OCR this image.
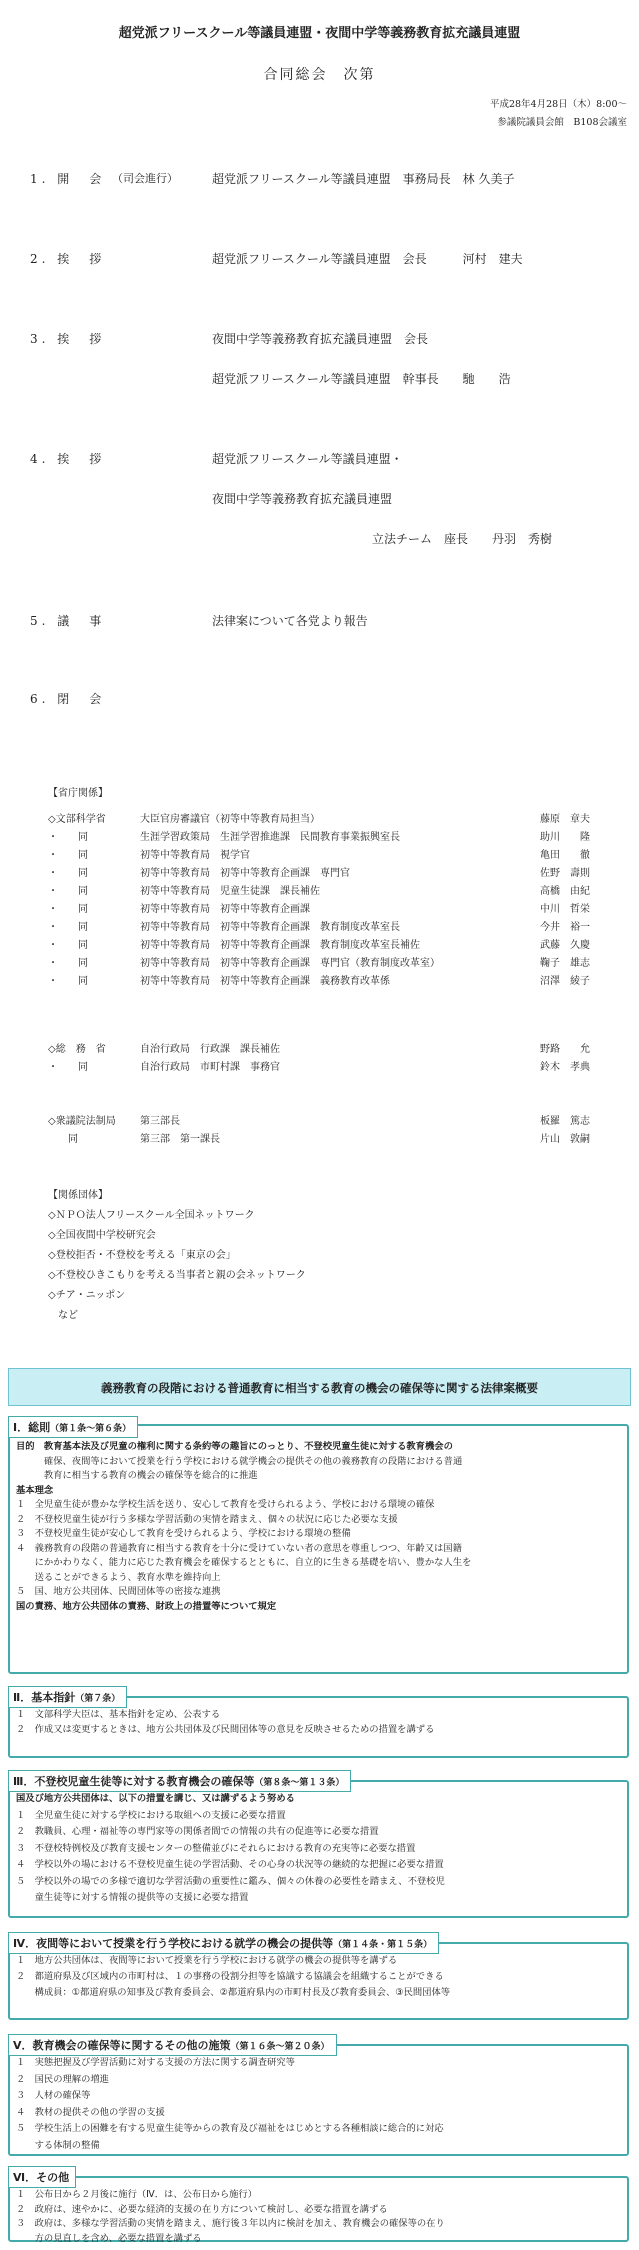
超党派フリースクール等議員連盟・夜間中学等義務教育拡充議員連盟
合同総会　次第
平成28年4月28日（木）8:00～
参議院議員会館　B108会議室
1. 開　会 （司会進行）	超党派フリースクール等議員連盟　事務局長　林 久美子
2. 挨　拶	超党派フリースクール等議員連盟　会長　　　河村　建夫
3. 挨　拶	夜間中学等義務教育拡充議員連盟　会長
超党派フリースクール等議員連盟　幹事長　　馳　　浩
4. 挨　拶	超党派フリースクール等議員連盟・
夜間中学等義務教育拡充議員連盟
立法チーム　座長　　丹羽　秀樹
5. 議　事	法律案について各党より報告
6. 閉　会
【省庁関係】
◇文部科学省	大臣官房審議官（初等中等教育局担当）	藤原　章夫
・　　同	生涯学習政策局　生涯学習推進課　民間教育事業振興室長	助川　　隆
・　　同	初等中等教育局　視学官	亀田　　徹
・　　同	初等中等教育局　初等中等教育企画課　専門官	佐野　壽則
・　　同	初等中等教育局　児童生徒課　課長補佐	高橋　由紀
・　　同	初等中等教育局　初等中等教育企画課	中川　哲栄
・　　同	初等中等教育局　初等中等教育企画課　教育制度改革室長	今井　裕一
・　　同	初等中等教育局　初等中等教育企画課　教育制度改革室長補佐	武藤　久慶
・　　同	初等中等教育局　初等中等教育企画課　専門官（教育制度改革室）	鞠子　雄志
・　　同	初等中等教育局　初等中等教育企画課　義務教育改革係	沼澤　綾子
◇総　務　省	自治行政局　行政課　課長補佐	野路　　允
・　　同	自治行政局　市町村課　事務官	鈴木　孝典
◇衆議院法制局 第三部長	板羅　篤志
　　同	第三部　第一課長	片山　敦嗣
【関係団体】
◇ＮＰＯ法人フリースクール全国ネットワーク
◇全国夜間中学校研究会
◇登校拒否・不登校を考える「東京の会」
◇不登校ひきこもりを考える当事者と親の会ネットワーク
◇チア・ニッポン
　など
義務教育の段階における普通教育に相当する教育の機会の確保等に関する法律案概要
Ⅰ．総則（第１条～第６条）
目的　教育基本法及び児童の権利に関する条約等の趣旨にのっとり、不登校児童生徒に対する教育機会の
　　　確保、夜間等において授業を行う学校における就学機会の提供その他の義務教育の段階における普通
　　　教育に相当する教育の機会の確保等を総合的に推進
基本理念
１　全児童生徒が豊かな学校生活を送り、安心して教育を受けられるよう、学校における環境の確保
２　不登校児童生徒が行う多様な学習活動の実情を踏まえ、個々の状況に応じた必要な支援
３　不登校児童生徒が安心して教育を受けられるよう、学校における環境の整備
４　義務教育の段階の普通教育に相当する教育を十分に受けていない者の意思を尊重しつつ、年齢又は国籍
　　にかかわりなく、能力に応じた教育機会を確保するとともに、自立的に生きる基礎を培い、豊かな人生を
　　送ることができるよう、教育水準を維持向上
５　国、地方公共団体、民間団体等の密接な連携
国の責務、地方公共団体の責務、財政上の措置等について規定
Ⅱ．基本指針（第７条）
１　文部科学大臣は、基本指針を定め、公表する
２　作成又は変更するときは、地方公共団体及び民間団体等の意見を反映させるための措置を講ずる
Ⅲ．不登校児童生徒等に対する教育機会の確保等（第８条～第１３条）
国及び地方公共団体は、以下の措置を講じ、又は講ずるよう努める
１　全児童生徒に対する学校における取組への支援に必要な措置
２　教職員、心理・福祉等の専門家等の関係者間での情報の共有の促進等に必要な措置
３　不登校特例校及び教育支援センターの整備並びにそれらにおける教育の充実等に必要な措置
４　学校以外の場における不登校児童生徒の学習活動、その心身の状況等の継続的な把握に必要な措置
５　学校以外の場での多様で適切な学習活動の重要性に鑑み、個々の休養の必要性を踏まえ、不登校児
　　童生徒等に対する情報の提供等の支援に必要な措置
Ⅳ．夜間等において授業を行う学校における就学の機会の提供等（第１４条・第１５条）
１　地方公共団体は、夜間等において授業を行う学校における就学の機会の提供等を講ずる
２　都道府県及び区域内の市町村は、１の事務の役割分担等を協議する協議会を組織することができる
　　構成員：①都道府県の知事及び教育委員会、②都道府県内の市町村長及び教育委員会、③民間団体等
Ⅴ．教育機会の確保等に関するその他の施策（第１６条～第２０条）
１　実態把握及び学習活動に対する支援の方法に関する調査研究等
２　国民の理解の増進
３　人材の確保等
４　教材の提供その他の学習の支援
５　学校生活上の困難を有する児童生徒等からの教育及び福祉をはじめとする各種相談に総合的に対応
　　する体制の整備
Ⅵ．その他
１　公布日から２月後に施行（Ⅳ．は、公布日から施行）
２　政府は、速やかに、必要な経済的支援の在り方について検討し、必要な措置を講ずる
３　政府は、多様な学習活動の実情を踏まえ、施行後３年以内に検討を加え、教育機会の確保等の在り
　　方の見直しを含め、必要な措置を講ずる
